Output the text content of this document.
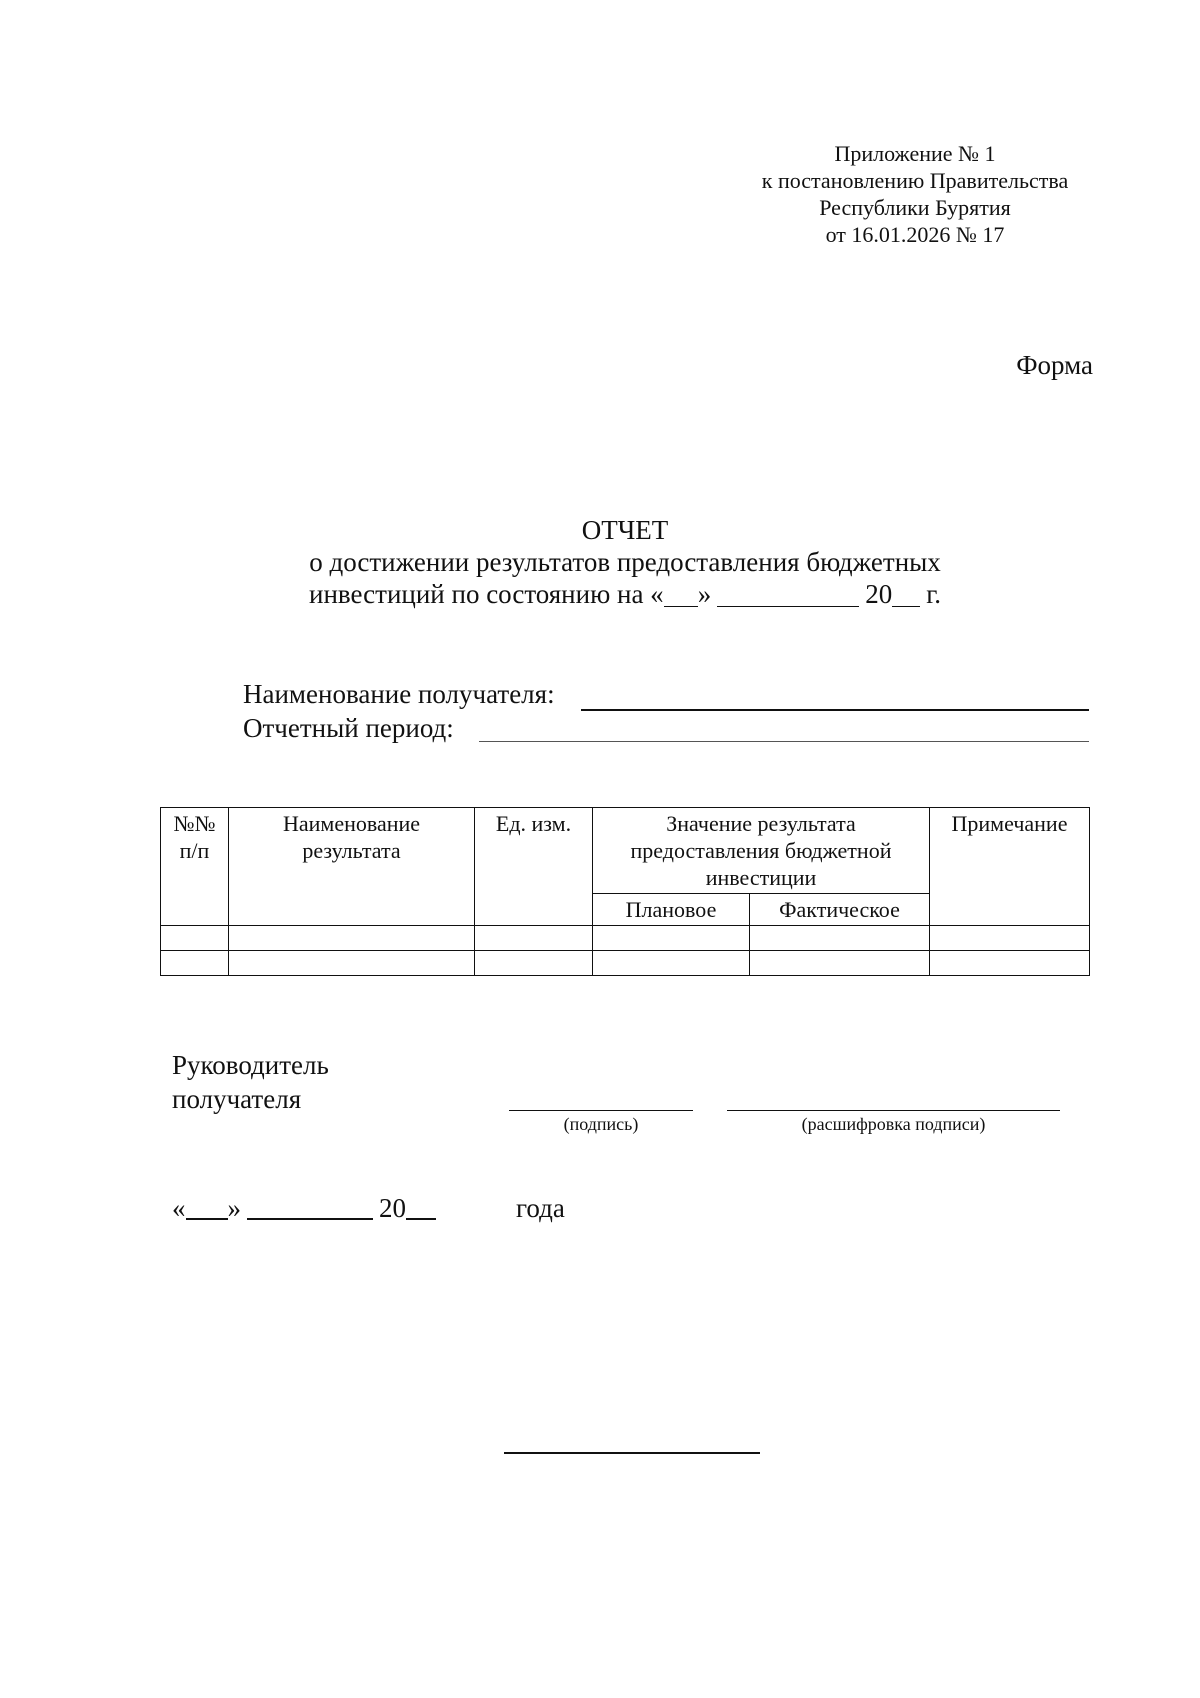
Приложение № 1
к постановлению Правительства
Республики Бурятия
от 16.01.2026 № 17
Форма
ОТЧЕТ
о достижении результатов предоставления бюджетных
инвестиций по состоянию на « »	20 г.
Наименование получателя:
Отчетный период:
№№ п/п	Наименование результата	Ед. изм.	Значение результата предоставления бюджетной инвестиции		Примечание
			Плановое	Фактическое	

Руководитель
получателя
(подпись)	(расшифровка подписи)
« »	20	года
